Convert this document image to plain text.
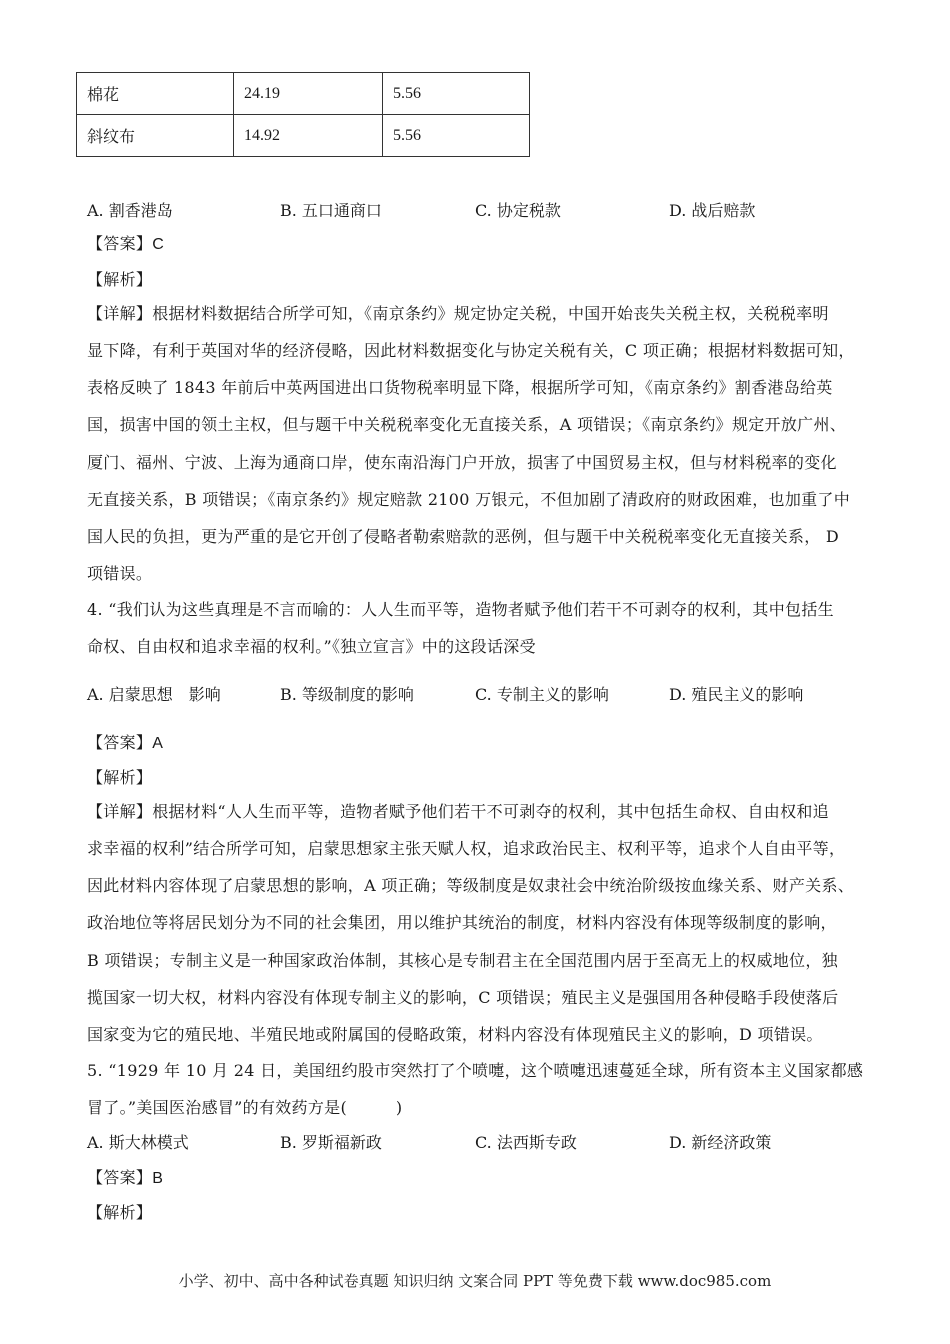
棉花	24.19	5.56
斜纹布	14.92	5.56
A. 割香港岛	B. 五口通商口	C. 协定税款	D. 战后赔款
【答案】C
【解析】
【详解】根据材料数据结合所学可知，《南京条约》规定协定关税，中国开始丧失关税主权，关税税率明
显下降，有利于英国对华的经济侵略，因此材料数据变化与协定关税有关，C 项正确；根据材料数据可知，
表格反映了 1843 年前后中英两国进出口货物税率明显下降，根据所学可知，《南京条约》割香港岛给英
国，损害中国的领土主权，但与题干中关税税率变化无直接关系，A 项错误；《南京条约》规定开放广州、
厦门、福州、宁波、上海为通商口岸，使东南沿海门户开放，损害了中国贸易主权，但与材料税率的变化
无直接关系，B 项错误；《南京条约》规定赔款 2100 万银元，不但加剧了清政府的财政困难，也加重了中
国人民的负担，更为严重的是它开创了侵略者勒索赔款的恶例，但与题干中关税税率变化无直接关系， D
项错误。
4. “我们认为这些真理是不言而喻的：人人生而平等，造物者赋予他们若干不可剥夺的权利，其中包括生
命权、自由权和追求幸福的权利。”《独立宣言》中的这段话深受
A. 启蒙思想　影响	B. 等级制度的影响	C. 专制主义的影响	D. 殖民主义的影响
【答案】A
【解析】
【详解】根据材料“人人生而平等，造物者赋予他们若干不可剥夺的权利，其中包括生命权、自由权和追
求幸福的权利”结合所学可知，启蒙思想家主张天赋人权，追求政治民主、权利平等，追求个人自由平等，
因此材料内容体现了启蒙思想的影响，A 项正确；等级制度是奴隶社会中统治阶级按血缘关系、财产关系、
政治地位等将居民划分为不同的社会集团，用以维护其统治的制度，材料内容没有体现等级制度的影响，
B 项错误；专制主义是一种国家政治体制，其核心是专制君主在全国范围内居于至高无上的权威地位，独
揽国家一切大权，材料内容没有体现专制主义的影响，C 项错误；殖民主义是强国用各种侵略手段使落后
国家变为它的殖民地、半殖民地或附属国的侵略政策，材料内容没有体现殖民主义的影响，D 项错误。
5. “1929 年 10 月 24 日，美国纽约股市突然打了个喷嚏，这个喷嚏迅速蔓延全球，所有资本主义国家都感
冒了。”美国医治感冒”的有效药方是(　　　)
A. 斯大林模式	B. 罗斯福新政	C. 法西斯专政	D. 新经济政策
【答案】B
【解析】
小学、初中、高中各种试卷真题 知识归纳 文案合同 PPT 等免费下载 www.doc985.com
